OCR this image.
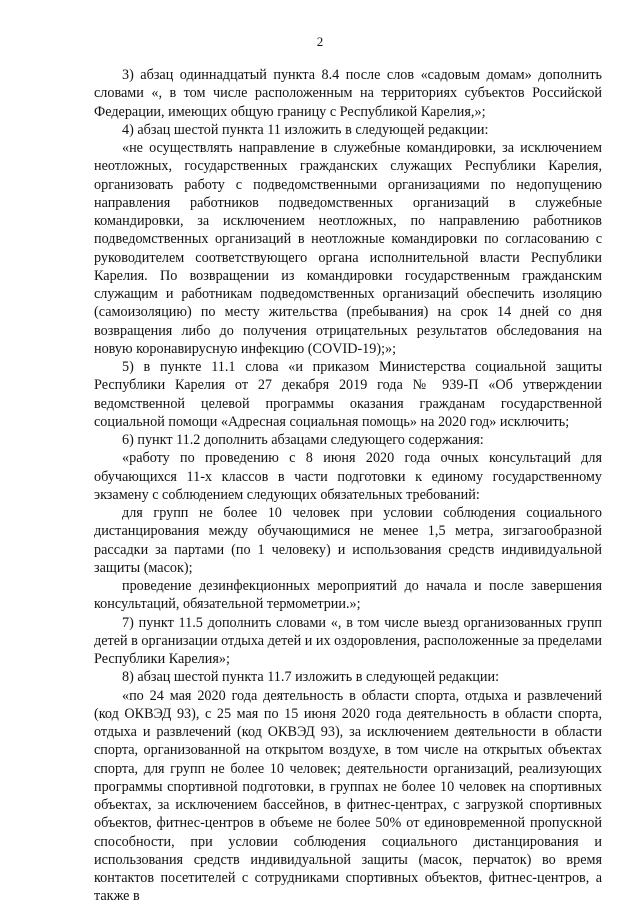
2

3) абзац одиннадцатый пункта 8.4 после слов «садовым домам» дополнить словами «, в том числе расположенным на территориях субъектов Российской Федерации, имеющих общую границу с Республикой Карелия,»;

4) абзац шестой пункта 11 изложить в следующей редакции:

«не осуществлять направление в служебные командировки, за исключением неотложных, государственных гражданских служащих Республики Карелия, организовать работу с подведомственными организациями по недопущению направления работников подведомственных организаций в служебные командировки, за исключением неотложных, по направлению работников подведомственных организаций в неотложные командировки по согласованию с руководителем соответствующего органа исполнительной власти Республики Карелия. По возвращении из командировки государственным гражданским служащим и работникам подведомственных организаций обеспечить изоляцию (самоизоляцию) по месту жительства (пребывания) на срок 14 дней со дня возвращения либо до получения отрицательных результатов обследования на новую коронавирусную инфекцию (COVID-19);»;

5) в пункте 11.1 слова «и приказом Министерства социальной защиты Республики Карелия от 27 декабря 2019 года № 939-П «Об утверждении ведомственной целевой программы оказания гражданам государственной социальной помощи «Адресная социальная помощь» на 2020 год» исключить;

6) пункт 11.2 дополнить абзацами следующего содержания:

«работу по проведению с 8 июня 2020 года очных консультаций для обучающихся 11-х классов в части подготовки к единому государственному экзамену с соблюдением следующих обязательных требований:

для групп не более 10 человек при условии соблюдения социального дистанцирования между обучающимися не менее 1,5 метра, зигзагообразной рассадки за партами (по 1 человеку) и использования средств индивидуальной защиты (масок);

проведение дезинфекционных мероприятий до начала и после завершения консультаций, обязательной термометрии.»;

7) пункт 11.5 дополнить словами «, в том числе выезд организованных групп детей в организации отдыха детей и их оздоровления, расположенные за пределами Республики Карелия»;

8) абзац шестой пункта 11.7 изложить в следующей редакции:

«по 24 мая 2020 года деятельность в области спорта, отдыха и развлечений (код ОКВЭД 93), с 25 мая по 15 июня 2020 года деятельность в области спорта, отдыха и развлечений (код ОКВЭД 93), за исключением деятельности в области спорта, организованной на открытом воздухе, в том числе на открытых объектах спорта, для групп не более 10 человек; деятельности организаций, реализующих программы спортивной подготовки, в группах не более 10 человек на спортивных объектах, за исключением бассейнов, в фитнес-центрах, с загрузкой спортивных объектов, фитнес-центров в объеме не более 50% от единовременной пропускной способности, при условии соблюдения социального дистанцирования и использования средств индивидуальной защиты (масок, перчаток) во время контактов посетителей с сотрудниками спортивных объектов, фитнес-центров, а также в
